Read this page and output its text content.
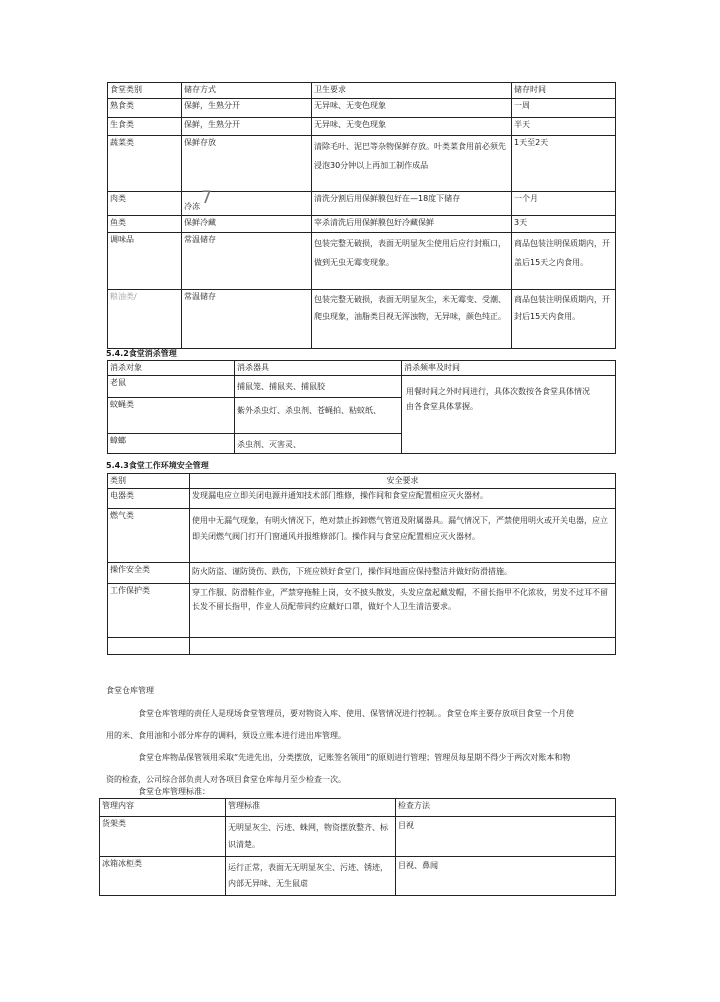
食堂类别	储存方式	卫生要求	储存时间
熟食类	保鲜，生熟分开	无异味、无变色现象	一周
生食类	保鲜，生熟分开	无异味、无变色现象	半天
蔬菜类	保鲜存放	清除毛叶、泥巴等杂物保鲜存放。叶类菜食用前必须先浸泡30分钟以上再加工制作成品	1天至2天
肉类	冷冻7	清洗分割后用保鲜膜包好在—18度下储存	一个月
鱼类	保鲜冷藏	宰杀清洗后用保鲜膜包好冷藏保鲜	3天
调味品	常温储存	包装完整无破损，表面无明显灰尘使用后应行封瓶口，做到无虫无霉变现象。	商品包装注明保质期内，开盖后15天之内食用。
粮油类/	常温储存	包装完整无破损，表面无明显灰尘，米无霉变、受潮、爬虫现象，油脂类目视无浑浊物，无异味，颜色纯正。	商品包装注明保质期内，开封后15天内食用。
5.4.2食堂消杀管理
消杀对象	消杀器具	消杀频率及时间
老鼠	捕鼠笼、捕鼠夹、捕鼠胶	用餐时间之外时间进行，具体次数按各食堂具体情况由各食堂具体掌握。
蚊蝇类	紫外杀虫灯、杀虫剂、苍蝇拍、粘蚊纸、	
蟑螂	杀虫剂、灭害灵、	
5.4.3食堂工作环境安全管理
类别	安全要求
电器类	发现漏电应立即关闭电源并通知技术部门维修，操作间和食堂应配置相应灭火器材。
燃气类	使用中无漏气现象，有明火情况下，绝对禁止拆卸燃气管道及附属器具。漏气情况下，严禁使用明火或开关电器，应立即关闭燃气阀门打开门窗通风并报维修部门。操作间与食堂应配置相应灭火器材。
操作安全类	防火防盗、谨防烫伤、跌伤，下班应锁好食堂门，操作间地面应保持整洁并做好防滑措施。
工作保护类	穿工作服、防滑鞋作业，严禁穿拖鞋上岗，女不披头散发，头发应盘起戴发帽，不留长指甲不化浓妆，男发不过耳不留长发不留长指甲，作业人员配带同约应戴好口罩，做好个人卫生清洁要求。

食堂仓库管理
食堂仓库管理的责任人是现场食堂管理员，要对物资入库、使用、保管情况进行控制。。食堂仓库主要存放项目食堂一个月使用的米、食用油和小部分库存的调料，须设立账本进行进出库管理。
食堂仓库物品保管领用采取“先进先出，分类摆放，记账签名领用”的原则进行管理；管理员每星期不得少于两次对账本和物资的检查，公司综合部负责人对各项目食堂仓库每月至少检查一次。
食堂仓库管理标准：
管理内容	管理标准	检查方法
货架类	无明显灰尘、污迹、蛛网，物资摆放整齐、标识清楚。	目视
冰箱冰柜类	运行正常，表面无无明显灰尘、污迹、锈迹，内部无异味、无生鼠虐	目视、鼻闻
